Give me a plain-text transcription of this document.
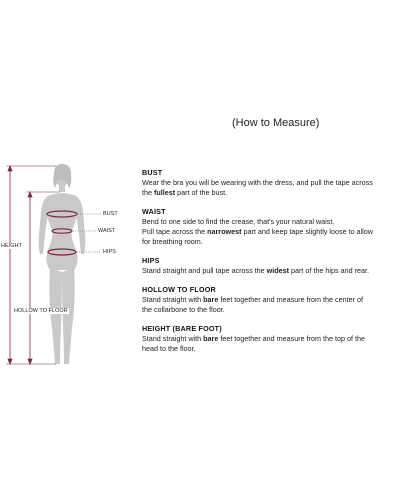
(How to Measure)
BUST
WAIST
HIPS
HEIGHT
HOLLOW TO FLOOR
BUST
Wear the bra you will be wearing with the dress, and pull the tape across
the fullest part of the bust.
WAIST
Bend to one side to find the crease, that's your natural waist.
Pull tape across the narrowest part and keep tape slightly loose to allow
for breathing room.
HIPS
Stand straight and pull tape across the widest part of the hips and rear.
HOLLOW TO FLOOR
Stand straight with bare feet together and measure from the center of
the collarbone to the floor.
HEIGHT (BARE FOOT)
Stand straight with bare feet together and measure from the top of the
head to the floor.
